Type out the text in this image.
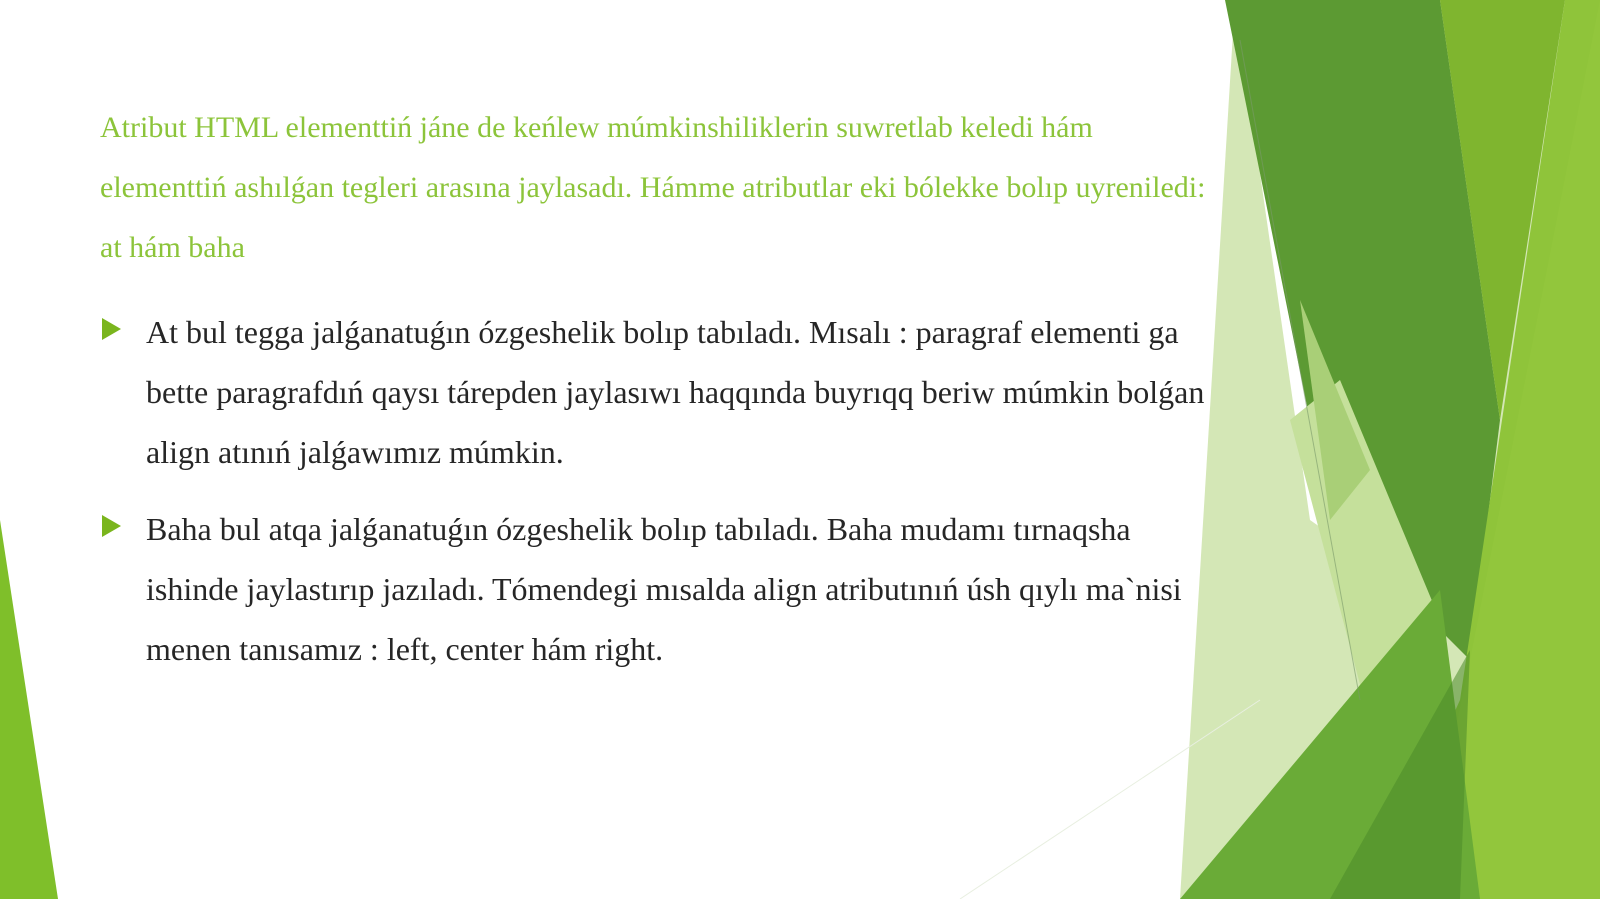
Atribut HTML elementtiń jáne de keńlew múmkinshiliklerin suwretlab keledi hám elementtiń ashılǵan tegleri arasına jaylasadı. Hámme atributlar eki bólekke bolıp uyreniledi: at hám baha
At bul tegga jalǵanatuǵın ózgeshelik bolıp tabıladı. Mısalı : paragraf elementi ga bette paragrafdıń qaysı tárepden jaylasıwı haqqında buyrıqq beriw múmkin bolǵan align atınıń jalǵawımız múmkin.
Baha bul atqa jalǵanatuǵın ózgeshelik bolıp tabıladı. Baha mudamı tırnaqsha ishinde jaylastırıp jazıladı. Tómendegi mısalda align atributınıń úsh qıylı ma`nisi menen tanısamız : left, center hám right.
